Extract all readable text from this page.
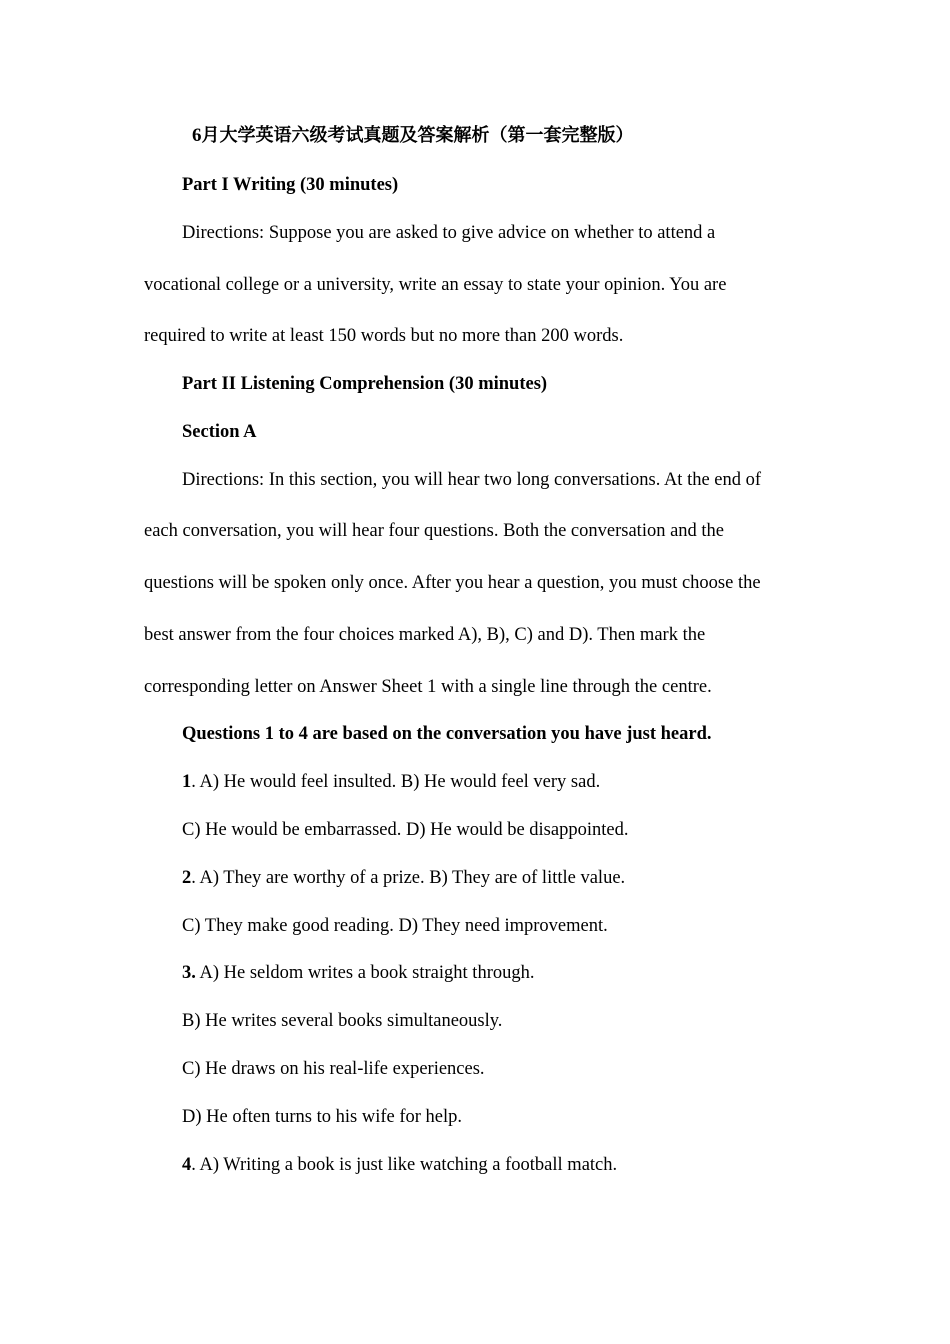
6月大学英语六级考试真题及答案解析（第一套完整版）
Part I Writing (30 minutes)
Directions: Suppose you are asked to give advice on whether to attend a
vocational college or a university, write an essay to state your opinion. You are
required to write at least 150 words but no more than 200 words.
Part II Listening Comprehension (30 minutes)
Section A
Directions: In this section, you will hear two long conversations. At the end of
each conversation, you will hear four questions. Both the conversation and the
questions will be spoken only once. After you hear a question, you must choose the
best answer from the four choices marked A), B), C) and D). Then mark the
corresponding letter on Answer Sheet 1 with a single line through the centre.
Questions 1 to 4 are based on the conversation you have just heard.
1. A) He would feel insulted. B) He would feel very sad.
C) He would be embarrassed. D) He would be disappointed.
2. A) They are worthy of a prize. B) They are of little value.
C) They make good reading. D) They need improvement.
3. A) He seldom writes a book straight through.
B) He writes several books simultaneously.
C) He draws on his real-life experiences.
D) He often turns to his wife for help.
4. A) Writing a book is just like watching a football match.
